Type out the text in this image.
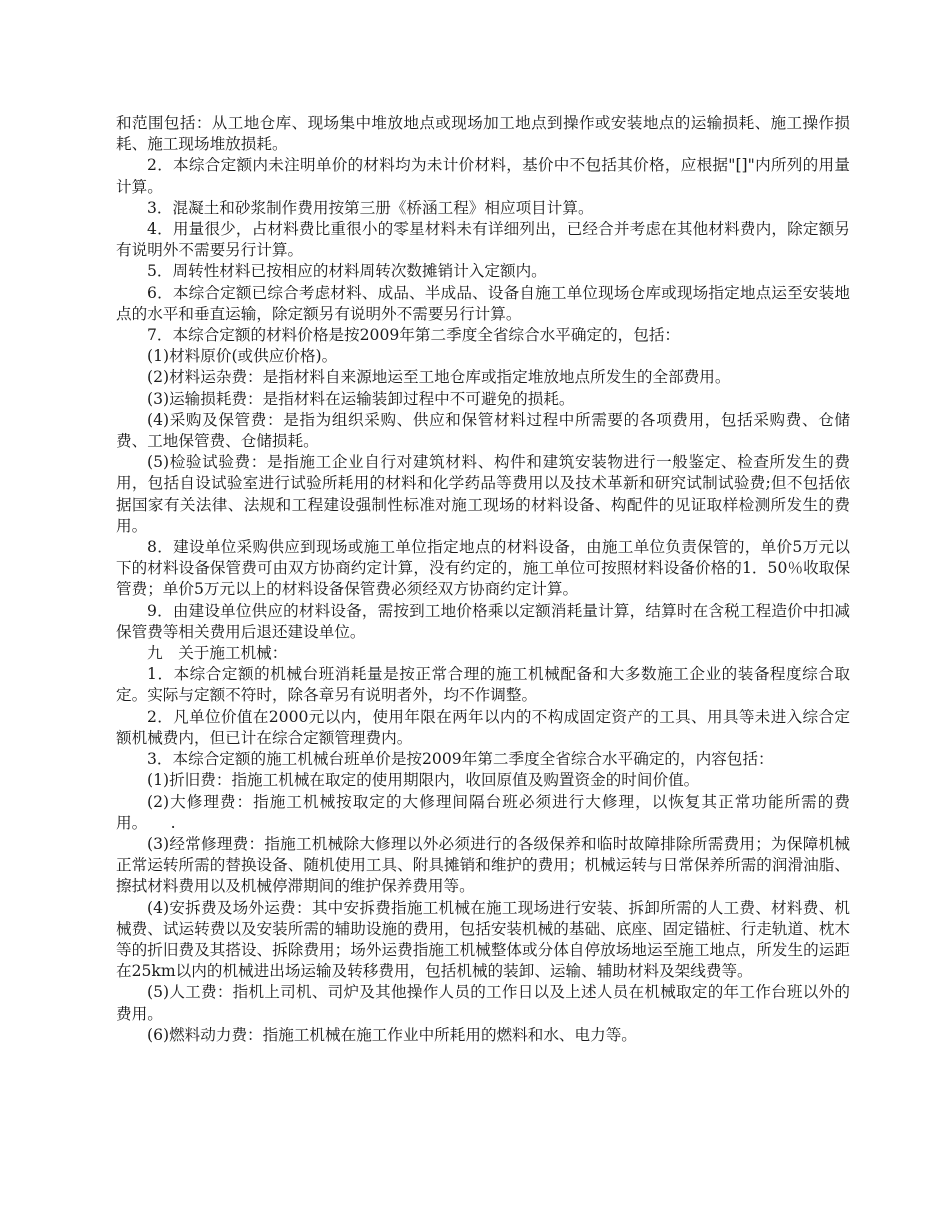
和范围包括：从工地仓库、现场集中堆放地点或现场加工地点到操作或安装地点的运输损耗、施工操作损耗、施工现场堆放损耗。

2．本综合定额内未注明单价的材料均为未计价材料，基价中不包括其价格，应根据"[]"内所列的用量计算。

3．混凝土和砂浆制作费用按第三册《桥涵工程》相应项目计算。

4．用量很少，占材料费比重很小的零星材料未有详细列出，已经合并考虑在其他材料费内，除定额另有说明外不需要另行计算。

5．周转性材料已按相应的材料周转次数摊销计入定额内。

6．本综合定额已综合考虑材料、成品、半成品、设备自施工单位现场仓库或现场指定地点运至安装地点的水平和垂直运输，除定额另有说明外不需要另行计算。

7．本综合定额的材料价格是按2009年第二季度全省综合水平确定的，包括：

(1)材料原价(或供应价格)。

(2)材料运杂费：是指材料自来源地运至工地仓库或指定堆放地点所发生的全部费用。

(3)运输损耗费：是指材料在运输装卸过程中不可避免的损耗。

(4)采购及保管费：是指为组织采购、供应和保管材料过程中所需要的各项费用，包括采购费、仓储费、工地保管费、仓储损耗。

(5)检验试验费：是指施工企业自行对建筑材料、构件和建筑安装物进行一般鉴定、检查所发生的费用，包括自设试验室进行试验所耗用的材料和化学药品等费用以及技术革新和研究试制试验费;但不包括依据国家有关法律、法规和工程建设强制性标准对施工现场的材料设备、构配件的见证取样检测所发生的费用。

8．建设单位采购供应到现场或施工单位指定地点的材料设备，由施工单位负责保管的，单价5万元以下的材料设备保管费可由双方协商约定计算，没有约定的，施工单位可按照材料设备价格的1．50％收取保管费；单价5万元以上的材料设备保管费必须经双方协商约定计算。

9．由建设单位供应的材料设备，需按到工地价格乘以定额消耗量计算，结算时在含税工程造价中扣减保管费等相关费用后退还建设单位。

九　关于施工机械：

1．本综合定额的机械台班消耗量是按正常合理的施工机械配备和大多数施工企业的装备程度综合取定。实际与定额不符时，除各章另有说明者外，均不作调整。

2．凡单位价值在2000元以内，使用年限在两年以内的不构成固定资产的工具、用具等未进入综合定额机械费内，但已计在综合定额管理费内。

3．本综合定额的施工机械台班单价是按2009年第二季度全省综合水平确定的，内容包括：

(1)折旧费：指施工机械在取定的使用期限内，收回原值及购置资金的时间价值。

(2)大修理费：指施工机械按取定的大修理间隔台班必须进行大修理，以恢复其正常功能所需的费用。　　.

(3)经常修理费：指施工机械除大修理以外必须进行的各级保养和临时故障排除所需费用；为保障机械正常运转所需的替换设备、随机使用工具、附具摊销和维护的费用；机械运转与日常保养所需的润滑油脂、擦拭材料费用以及机械停滞期间的维护保养费用等。

(4)安拆费及场外运费：其中安拆费指施工机械在施工现场进行安装、拆卸所需的人工费、材料费、机械费、试运转费以及安装所需的辅助设施的费用，包括安装机械的基础、底座、固定锚桩、行走轨道、枕木等的折旧费及其搭设、拆除费用；场外运费指施工机械整体或分体自停放场地运至施工地点，所发生的运距在25km以内的机械进出场运输及转移费用，包括机械的装卸、运输、辅助材料及架线费等。

(5)人工费：指机上司机、司炉及其他操作人员的工作日以及上述人员在机械取定的年工作台班以外的费用。

(6)燃料动力费：指施工机械在施工作业中所耗用的燃料和水、电力等。
